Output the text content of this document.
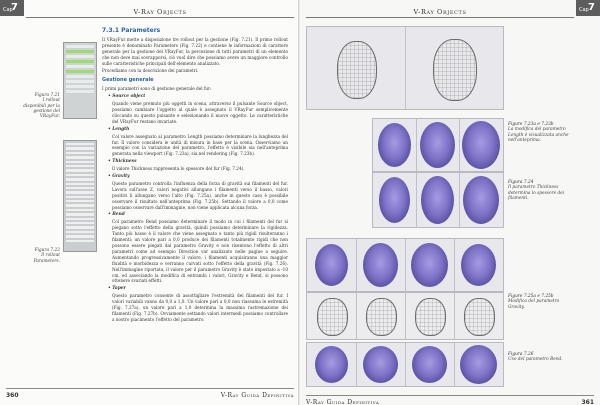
Cap
7	V-Ray Objects
Figura 7.21
I rollout disponibili per la gestione del VRayFur.
Figura 7.22
Il rollout Parameters.
7.3.1 Parameters
Il VRayFur mette a disposizione tre rollout per la gestione (Fig. 7.21). Il primo rollout presente è denominato Parameters (Fig. 7.22) e contiene le informazioni di carattere generale per la gestione del VRayFur, la percezione di tutti parametri di un elemento che non deve mai sovrapporsi, ciò vuol dire che possiamo avere un maggiore controllo sulle caratteristiche principali dell'elemento analizzato.
Procediamo con la descrizione dei parametri.
Gestione generale
I primi parametri sono di gestione generale del fur:
• Source object
Quando viene premuto più oggetti in scena, attraverso il pulsante Source object, possiamo cambiare l'oggetto al quale è assegnato il VRayFur semplicemente cliccando su questo pulsante e selezionando il nuovo oggetto. Le caratteristiche del VRayFur restano invariate.
• Length
Col valore assegnato al parametro Length possiamo determinare la lunghezza del fur. Il valore considera le unità di misura in base per la scena. Osserviamo un esempio con la variazione del parametro, l'effetto è visibile sia nell'anteprima generata nella viewport (Fig. 7.23a), sia nel rendering (Fig. 7.23b).
• Thickness
Il valore Thickness rappresenta lo spessore del fur (Fig. 7.24).
• Gravity
Questo parametro controlla l'influenza della forza di gravità sui filamenti del fur. Lavora sull'asse Z, valori negativi allungano i filamenti verso il basso, valori positivi li allungano verso l'alto (Fig. 7.25a), anche in questo caso è possibile osservare il risultato nell'anteprima (Fig. 7.25b). Settando il valore a 0,0 come possiamo osservare dall'immagine, non viene applicata alcuna forza.
• Bend
Col parametro Bend possiamo determinare il modo in cui i filamenti del fur si piegano sotto l'effetto della gravità, quindi possiamo determinare la rigidezza. Tanto più basso è il valore che viene assegnato e tanto più rigidi risulteranno i filamenti; un valore pari a 0,0 produce dei filamenti totalmente rigidi che non possono essere piegati dal parametro Gravity e non risentono l'effetto di altri parametri come ad esempio Direction var analizzato nelle pagine a seguire. Aumentando progressivamente il valore, i filamenti acquisiranno una maggior fluidità e morbidezza e verranno curvati sotto l'effetto della gravità (Fig. 7.26). Nell'immagine riportata, il valore per il parametro Gravity è stato impostato a -10 cm, ed associando la modifica di entrambi i valori, Gravity e Bend, si possono ottenere svariati effetti.
• Taper
Questo parametro consente di assottigliare l'estremità dei filamenti del fur. I valori variabili vanno da 0,0 a 1,0. Un valore pari a 0,0 non riassuma le estremità (Fig. 7.27a), un valore pari a 1,0 determina la massima rastremazione dei filamenti (Fig. 7.27b). Ovviamente settando valori intermedi possiamo controllare a nostro piacimento l'effetto del parametro.
360	V-Ray Guida Definitiva
Cap 7
V-Ray Objects
Figure 7.23a e 7.23b
La modifica del parametro Length è visualizzata anche nell'anteprima.
Figura 7.24
Il parametro Thickness determina lo spessore dei filamenti.
Figure 7.25a e 7.25b
Modifica del parametro Gravity.
Figura 7.26
Uso del parametro Bend.
V-Ray Guida Definitiva	361
